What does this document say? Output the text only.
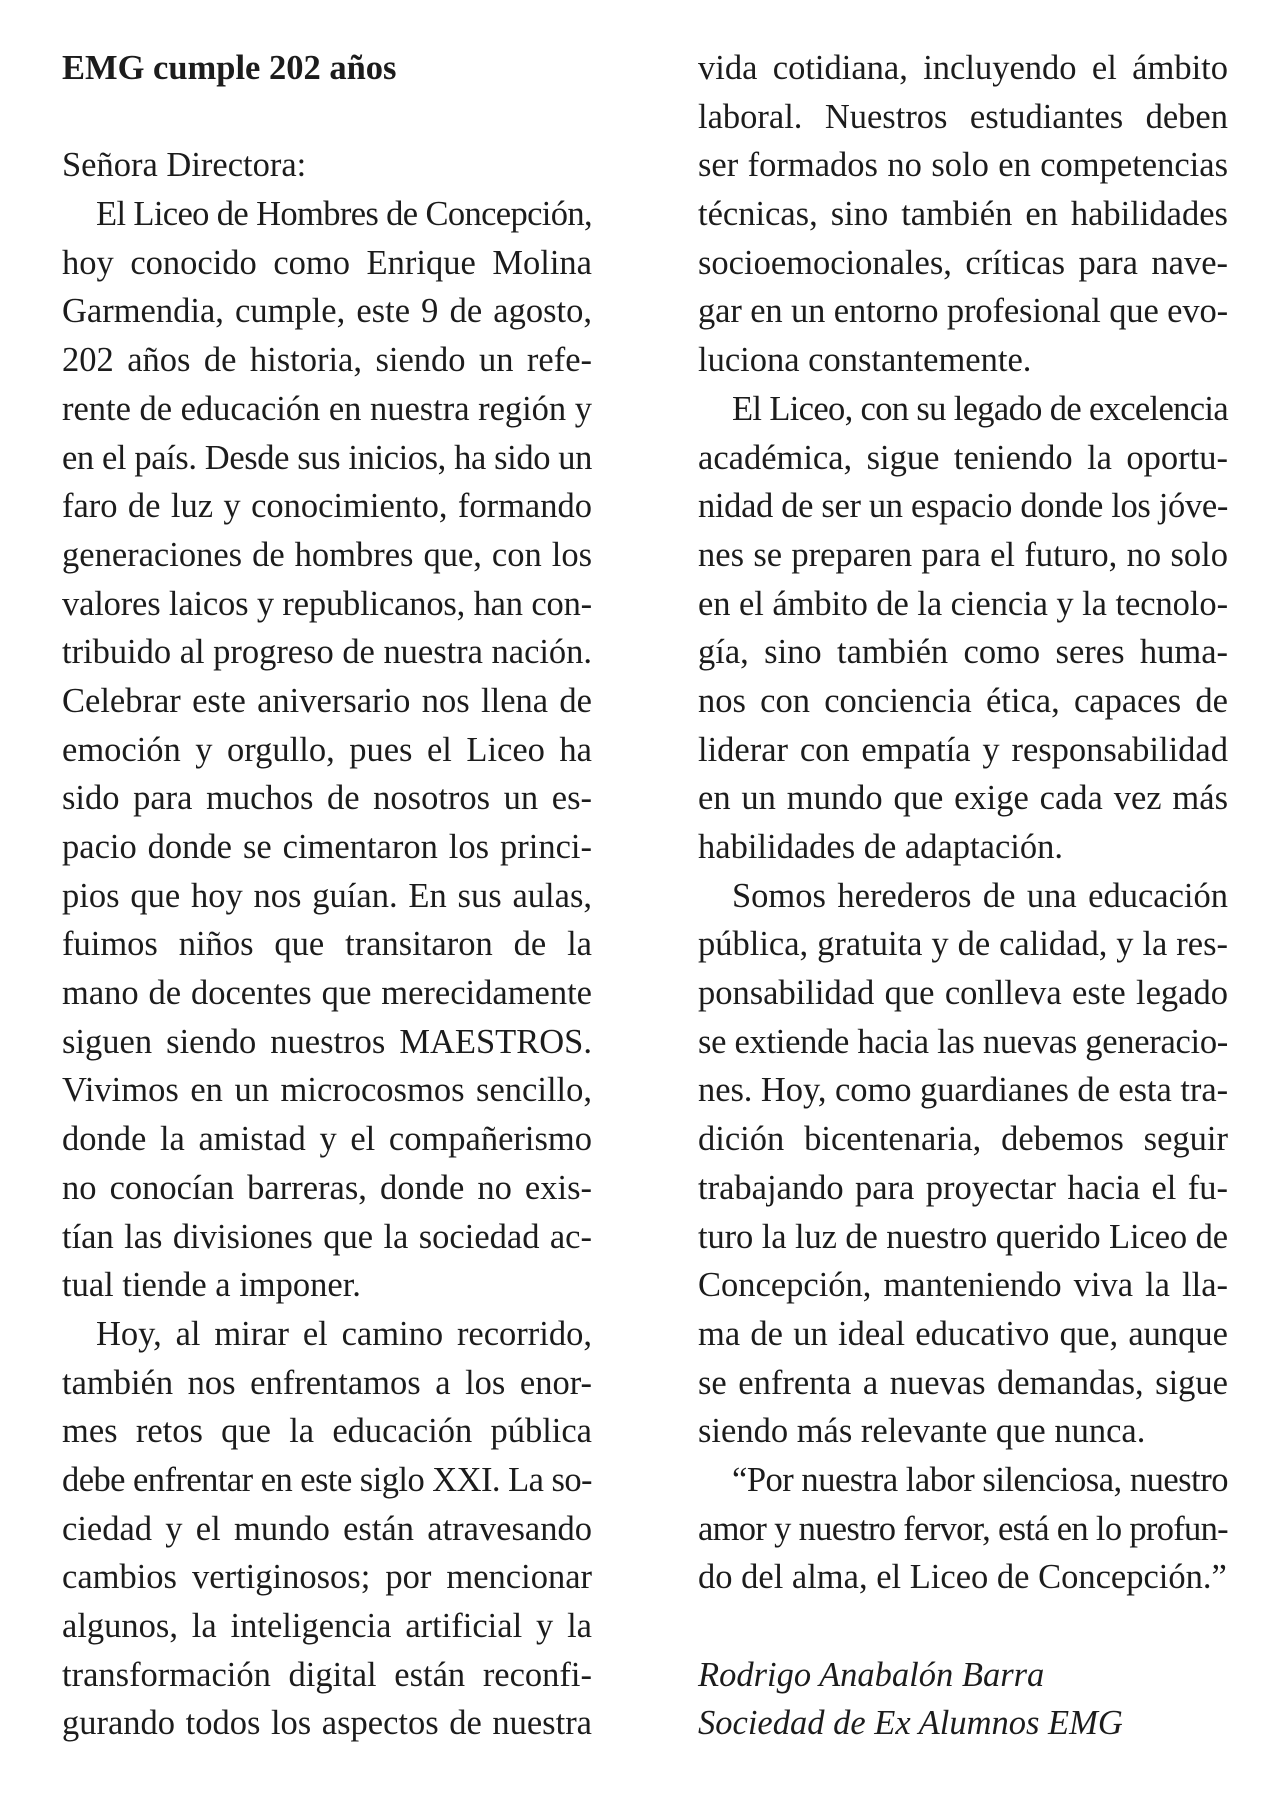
EMG cumple 202 años
Señora Directora:
El Liceo de Hombres de Concepción,
hoy conocido como Enrique Molina
Garmendia, cumple, este 9 de agosto,
202 años de historia, siendo un refe-
rente de educación en nuestra región y
en el país. Desde sus inicios, ha sido un
faro de luz y conocimiento, formando
generaciones de hombres que, con los
valores laicos y republicanos, han con-
tribuido al progreso de nuestra nación.
Celebrar este aniversario nos llena de
emoción y orgullo, pues el Liceo ha
sido para muchos de nosotros un es-
pacio donde se cimentaron los princi-
pios que hoy nos guían. En sus aulas,
fuimos niños que transitaron de la
mano de docentes que merecidamente
siguen siendo nuestros MAESTROS.
Vivimos en un microcosmos sencillo,
donde la amistad y el compañerismo
no conocían barreras, donde no exis-
tían las divisiones que la sociedad ac-
tual tiende a imponer.
Hoy, al mirar el camino recorrido,
también nos enfrentamos a los enor-
mes retos que la educación pública
debe enfrentar en este siglo XXI. La so-
ciedad y el mundo están atravesando
cambios vertiginosos; por mencionar
algunos, la inteligencia artificial y la
transformación digital están reconfi-
gurando todos los aspectos de nuestra
vida cotidiana, incluyendo el ámbito
laboral. Nuestros estudiantes deben
ser formados no solo en competencias
técnicas, sino también en habilidades
socioemocionales, críticas para nave-
gar en un entorno profesional que evo-
luciona constantemente.
El Liceo, con su legado de excelencia
académica, sigue teniendo la oportu-
nidad de ser un espacio donde los jóve-
nes se preparen para el futuro, no solo
en el ámbito de la ciencia y la tecnolo-
gía, sino también como seres huma-
nos con conciencia ética, capaces de
liderar con empatía y responsabilidad
en un mundo que exige cada vez más
habilidades de adaptación.
Somos herederos de una educación
pública, gratuita y de calidad, y la res-
ponsabilidad que conlleva este legado
se extiende hacia las nuevas generacio-
nes. Hoy, como guardianes de esta tra-
dición bicentenaria, debemos seguir
trabajando para proyectar hacia el fu-
turo la luz de nuestro querido Liceo de
Concepción, manteniendo viva la lla-
ma de un ideal educativo que, aunque
se enfrenta a nuevas demandas, sigue
siendo más relevante que nunca.
“Por nuestra labor silenciosa, nuestro
amor y nuestro fervor, está en lo profun-
do del alma, el Liceo de Concepción.”
Rodrigo Anabalón Barra
Sociedad de Ex Alumnos EMG
